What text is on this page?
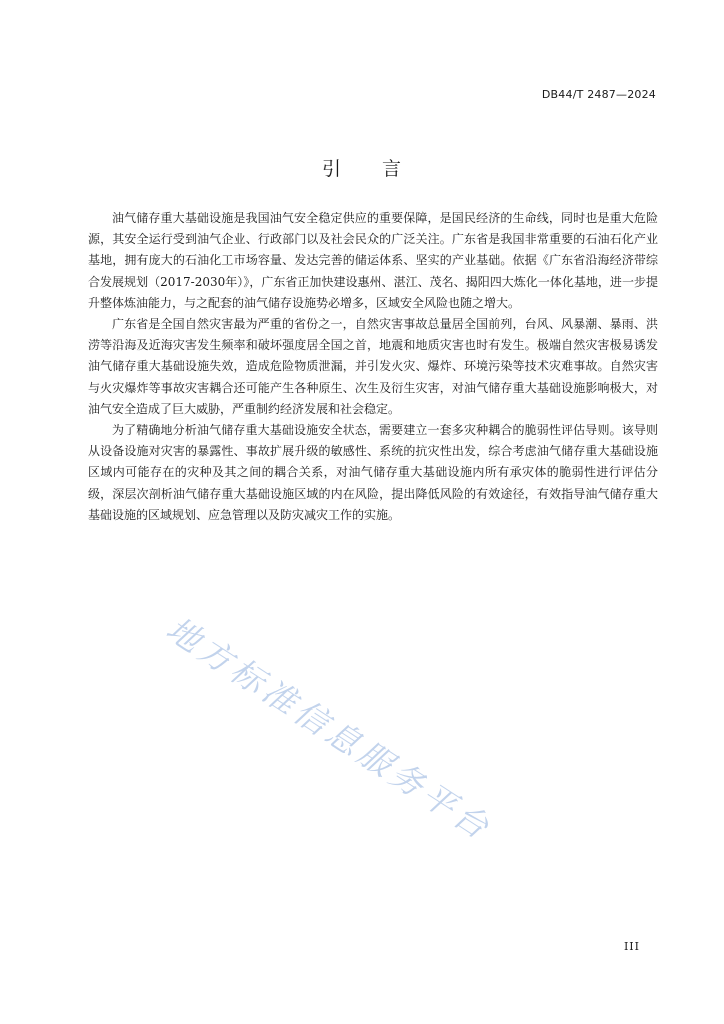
DB44/T 2487—2024
引 言

油气储存重大基础设施是我国油气安全稳定供应的重要保障，是国民经济的生命线，同时也是重大危险源，其安全运行受到油气企业、行政部门以及社会民众的广泛关注。广东省是我国非常重要的石油石化产业基地，拥有庞大的石油化工市场容量、发达完善的储运体系、坚实的产业基础。依据《广东省沿海经济带综合发展规划（2017-2030年）》，广东省正加快建设惠州、湛江、茂名、揭阳四大炼化一体化基地，进一步提升整体炼油能力，与之配套的油气储存设施势必增多，区域安全风险也随之增大。

广东省是全国自然灾害最为严重的省份之一，自然灾害事故总量居全国前列，台风、风暴潮、暴雨、洪涝等沿海及近海灾害发生频率和破坏强度居全国之首，地震和地质灾害也时有发生。极端自然灾害极易诱发油气储存重大基础设施失效，造成危险物质泄漏，并引发火灾、爆炸、环境污染等技术灾难事故。自然灾害与火灾爆炸等事故灾害耦合还可能产生各种原生、次生及衍生灾害，对油气储存重大基础设施影响极大，对油气安全造成了巨大威胁，严重制约经济发展和社会稳定。

为了精确地分析油气储存重大基础设施安全状态，需要建立一套多灾种耦合的脆弱性评估导则。该导则从设备设施对灾害的暴露性、事故扩展升级的敏感性、系统的抗灾性出发，综合考虑油气储存重大基础设施区域内可能存在的灾种及其之间的耦合关系，对油气储存重大基础设施内所有承灾体的脆弱性进行评估分级，深层次剖析油气储存重大基础设施区域的内在风险，提出降低风险的有效途径，有效指导油气储存重大基础设施的区域规划、应急管理以及防灾减灾工作的实施。

地方标准信息服务平台
III
